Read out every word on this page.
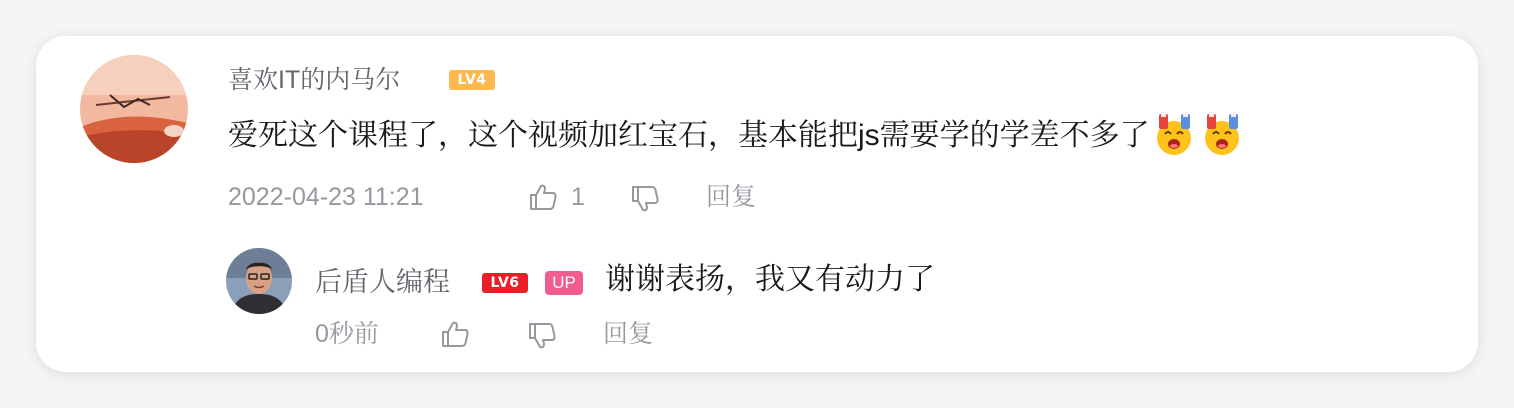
喜欢IT的内马尔	LV4
爱死这个课程了，这个视频加红宝石，基本能把js需要学的学差不多了
2022-04-23 11:21	1	回复
后盾人编程	LV6	UP 谢谢表扬，我又有动力了
0秒前	回复
